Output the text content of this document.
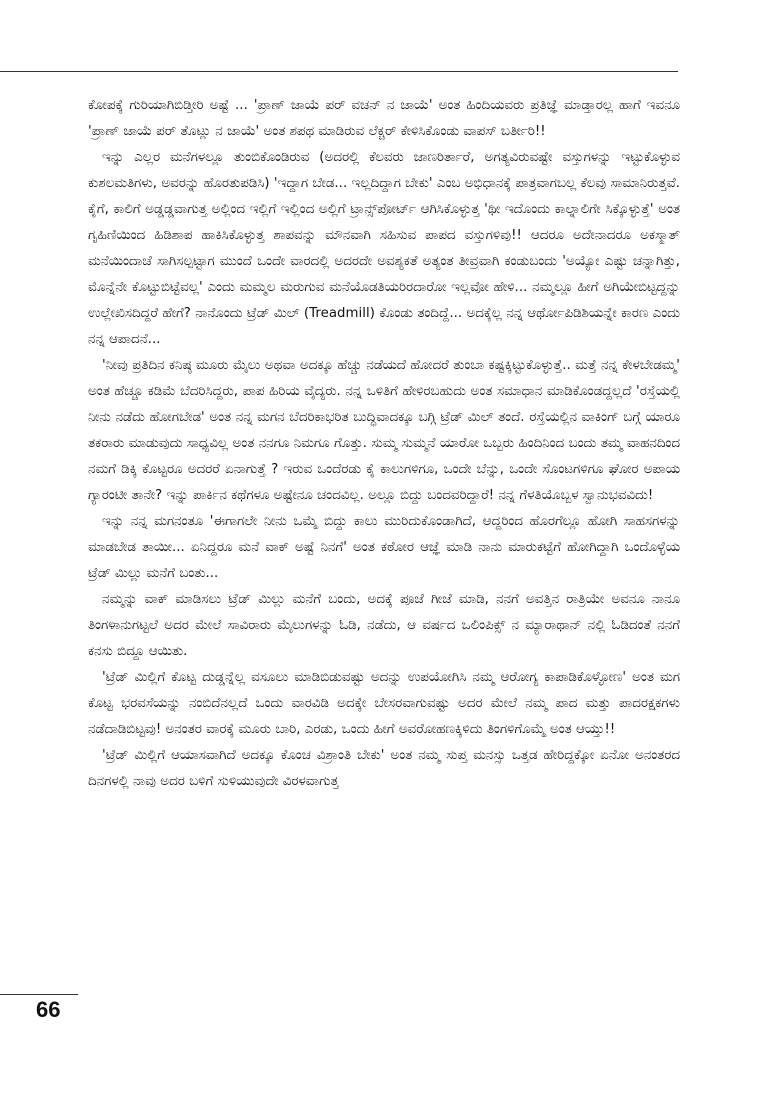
ಕೋಪಕ್ಕೆ ಗುರಿಯಾಗಿಬಿಡ್ತೀರಿ ಅಷ್ಟೆ ... 'ಪ್ರಾಣ್ ಜಾಯೆ ಪರ್ ವಚನ್ ನ ಜಾಯೆ' ಅಂತ ಹಿಂದಿಯವರು ಪ್ರತಿಜ್ಞೆ ಮಾಡ್ತಾರಲ್ಲ ಹಾಗೆ ಇವನೂ 'ಪ್ರಾಣ್ ಜಾಯೆ ಪರ್ ತೊಟ್ಲು ನ ಜಾಯೆ' ಅಂತ ಶಪಥ ಮಾಡಿರುವ ಲೆಕ್ಚರ್ ಕೇಳಿಸಿಕೊಂಡು ವಾಪಸ್ ಬರ್ತೀರಿ!!

ಇನ್ನು ಎಲ್ಲರ ಮನೆಗಳಲ್ಲೂ ತುಂಬಿಕೊಂಡಿರುವ (ಅದರಲ್ಲಿ ಕೆಲವರು ಜಾಣರಿರ್ತಾರೆ, ಅಗತ್ಯವಿರುವಷ್ಟೇ ವಸ್ತುಗಳನ್ನು ಇಟ್ಟುಕೊಳ್ಳುವ ಕುಶಲಮತಿಗಳು, ಅವರನ್ನು ಹೊರತುಪಡಿಸಿ) 'ಇದ್ದಾಗ ಬೇಡ... ಇಲ್ಲದಿದ್ದಾಗ ಬೇಕು' ಎಂಬ ಅಭಿಧಾನಕ್ಕೆ ಪಾತ್ರವಾಗಬಲ್ಲ ಕೆಲವು ಸಾಮಾನಿರುತ್ತವೆ. ಕೈಗೆ, ಕಾಲಿಗೆ ಅಡ್ಡಡ್ಡವಾಗುತ್ತ ಅಲ್ಲಿಂದ ಇಲ್ಲಿಗೆ ಇಲ್ಲಿಂದ ಅಲ್ಲಿಗೆ ಟ್ರಾನ್ಸ್‌ಪೋರ್ಟ್ ಆಗಿಸಿಕೊಳ್ಳುತ್ತ 'ಥೀ ಇದೊಂದು ಕಾಲ್ನಾಲಿಗೇ ಸಿಕ್ಕೊಳ್ಳುತ್ತೆ' ಅಂತ ಗೃಹಿಣಿಯಿಂದ ಹಿಡಿಶಾಪ ಹಾಕಿಸಿಕೊಳ್ಳುತ್ತ ಶಾಪವನ್ನು ಮೌನವಾಗಿ ಸಹಿಸುವ ಪಾಪದ ವಸ್ತುಗಳಿವು!! ಆದರೂ ಅದೇನಾದರೂ ಅಕಸ್ಮಾತ್ ಮನೆಯಿಂದಾಚೆ ಸಾಗಿಸಲ್ಪಟ್ಟಾಗ ಮುಂದೆ ಒಂದೇ ವಾರದಲ್ಲಿ ಅದರದೇ ಅವಶ್ಯಕತೆ ಅತ್ಯಂತ ತೀವ್ರವಾಗಿ ಕಂಡುಬಂದು 'ಅಯ್ಯೋ ಎಷ್ಟು ಚನ್ನಾಗಿತ್ತು, ಮೊನ್ನೆನೇ ಕೊಟ್ಟುಬಿಟ್ಟೆವಲ್ಲ' ಎಂದು ಮಮ್ಮಲ ಮರುಗುವ ಮನೆಯೊಡತಿಯರಿರದಾರೋ ಇಲ್ಲವೋ ಹೇಳಿ... ನಮ್ಮಲ್ಲೂ ಹೀಗೆ ಅಗಿಯೇಬಿಟ್ಟದ್ದನ್ನು ಉಲ್ಲೇಖಿಸದಿದ್ದರೆ ಹೇಗೆ? ನಾನೊಂದು ಟ್ರೆಡ್ ಮಿಲ್ (Treadmill) ಕೊಂಡು ತಂದಿದ್ದೆ... ಅದಕ್ಕೆಲ್ಲ ನನ್ನ ಆರ್ಥೋಪಿಡಿಶಿಯನ್ನೇ ಕಾರಣ ಎಂದು ನನ್ನ ಆಪಾದನೆ...

'ನೀವು ಪ್ರತಿದಿನ ಕನಿಷ್ಠ ಮೂರು ಮೈಲು ಅಥವಾ ಅದಕ್ಕೂ ಹೆಚ್ಚು ನಡೆಯದೆ ಹೋದರೆ ತುಂಬಾ ಕಷ್ಟಕ್ಕಿಟ್ಟುಕೊಳ್ಳುತ್ತೆ.. ಮತ್ತೆ ನನ್ನ ಕೇಳಬೇಡಮ್ಮ' ಅಂತ ಹೆಚ್ಚೂ ಕಡಿಮೆ ಬೆದರಿಸಿದ್ದರು, ಪಾಪ ಹಿರಿಯ ವೈದ್ಯರು. ನನ್ನ ಒಳಿತಿಗೆ ಹೇಳಿರಬಹುದು ಅಂತ ಸಮಾಧಾನ ಮಾಡಿಕೊಂಡದ್ದಲ್ಲದೆ 'ರಸ್ತೆಯಲ್ಲಿ ನೀನು ನಡೆದು ಹೋಗಬೇಡ' ಅಂತ ನನ್ನ ಮಗನ ಬೆದರಿಕಾಭರಿತ ಬುದ್ಧಿವಾದಕ್ಕೂ ಬಗ್ಗಿ ಟ್ರೆಡ್ ಮಿಲ್ ತಂದೆ. ರಸ್ತೆಯಲ್ಲಿನ ವಾಕಿಂಗ್ ಬಗ್ಗೆ ಯಾರೂ ತಕರಾರು ಮಾಡುವುದು ಸಾಧ್ಯವಿಲ್ಲ ಅಂತ ನನಗೂ ನಿಮಗೂ ಗೊತ್ತು. ಸುಮ್ಮ ಸುಮ್ಮನೆ ಯಾರೋ ಒಬ್ಬರು ಹಿಂದಿನಿಂದ ಬಂದು ತಮ್ಮ ವಾಹನದಿಂದ ನಮಗೆ ಡಿಕ್ಕಿ ಕೊಟ್ಟರೂ ಅದರರೆ ಏನಾಗುತ್ತೆ ? ಇರುವ ಒಂದೆರಡು ಕೈ ಕಾಲುಗಳಿಗೂ, ಒಂದೇ ಬೆನ್ನು, ಒಂದೇ ಸೊಂಟಗಳಿಗೂ ಘೋರ ಅಪಾಯ ಗ್ಯಾರಂಟೀ ತಾನೇ? ಇನ್ನು ಪಾರ್ಕಿನ ಕಥೆಗಳೂ ಅಷ್ಟೇನೂ ಚಂದವಿಲ್ಲ. ಅಲ್ಲೂ ಬಿದ್ದು ಬಂದವರಿದ್ದಾರೆ! ನನ್ನ ಗೆಳತಿಯೊಬ್ಬಳ ಸ್ವಾನುಭವವಿದು!

ಇನ್ನು ನನ್ನ ಮಗನಂತೂ 'ಈಗಾಗಲೇ ನೀನು ಒಮ್ಮೆ ಬಿದ್ದು ಕಾಲು ಮುರಿದುಕೊಂಡಾಗಿದೆ, ಆದ್ದರಿಂದ ಹೊರಗೆಲ್ಲೂ ಹೋಗಿ ಸಾಹಸಗಳನ್ನು ಮಾಡಬೇಡ ತಾಯೀ... ಏನಿದ್ದರೂ ಮನೆ ವಾಕ್ ಅಷ್ಟೆ ನಿನಗೆ' ಅಂತ ಕಠೋರ ಆಜ್ಞೆ ಮಾಡಿ ನಾನು ಮಾರುಕಟ್ಟೆಗೆ ಹೋಗಿದ್ದಾಗಿ ಒಂದೊಳ್ಳೆಯ ಟ್ರೆಡ್ ಮಿಲ್ಲು ಮನೆಗೆ ಬಂತು...

ನಮ್ಮನ್ನು ವಾಕ್ ಮಾಡಿಸಲು ಟ್ರೆಡ್ ಮಿಲ್ಲು ಮನೆಗೆ ಬಂದು, ಅದಕ್ಕೆ ಪೂಜೆ ಗೀಜೆ ಮಾಡಿ, ನನಗೆ ಅವತ್ತಿನ ರಾತ್ರಿಯೇ ಅವನೂ ನಾನೂ ತಿಂಗಳಾನುಗಟ್ಟಲೆ ಅದರ ಮೇಲೆ ಸಾವಿರಾರು ಮೈಲುಗಳನ್ನು ಓಡಿ, ನಡೆದು, ಆ ವರ್ಷದ ಒಲಿಂಪಿಕ್ಸ್ ನ ಮ್ಯಾರಾಥಾನ್ ನಲ್ಲಿ ಓಡಿದಂತೆ ನನಗೆ ಕನಸು ಬಿದ್ದೂ ಆಯಿತು.

'ಟ್ರೆಡ್ ಮಿಲ್ಲಿಗೆ ಕೊಟ್ಟ ದುಡ್ಡನ್ನೆಲ್ಲ ವಸೂಲು ಮಾಡಿಬಿಡುವಷ್ಟು ಅದನ್ನು ಉಪಯೋಗಿಸಿ ನಮ್ಮ ಆರೋಗ್ಯ ಕಾಪಾಡಿಕೊಳ್ಳೋಣ' ಅಂತ ಮಗ ಕೊಟ್ಟ ಭರವಸೆಯನ್ನು ನಂಬಿದೆನಲ್ಲದೆ ಒಂದು ವಾರವಿಡಿ ಅದಕ್ಕೇ ಬೇಸರವಾಗುವಷ್ಟು ಅದರ ಮೇಲೆ ನಮ್ಮ ಪಾದ ಮತ್ತು ಪಾದರಕ್ಷಕಗಳು ನಡೆದಾಡಿಬಿಟ್ಟವು! ಅನಂತರ ವಾರಕ್ಕೆ ಮೂರು ಬಾರಿ, ಎರಡು, ಒಂದು ಹೀಗೆ ಅವರೋಹಣಕ್ಕಿಳಿದು ತಿಂಗಳಿಗೊಮ್ಮೆ ಅಂತ ಆಯ್ತು!!

'ಟ್ರೆಡ್ ಮಿಲ್ಲಿಗೆ ಆಯಾಸವಾಗಿದೆ ಅದಕ್ಕೂ ಕೊಂಚ ವಿಶ್ರಾಂತಿ ಬೇಕು' ಅಂತ ನಮ್ಮ ಸುಪ್ತ ಮನಸ್ಸು ಒತ್ತಡ ಹೇರಿದ್ದಕ್ಕೋ ಏನೋ ಅನಂತರದ ದಿನಗಳಲ್ಲಿ ನಾವು ಅದರ ಬಳಿಗೆ ಸುಳಿಯುವುದೇ ವಿರಳವಾಗುತ್ತ

66
